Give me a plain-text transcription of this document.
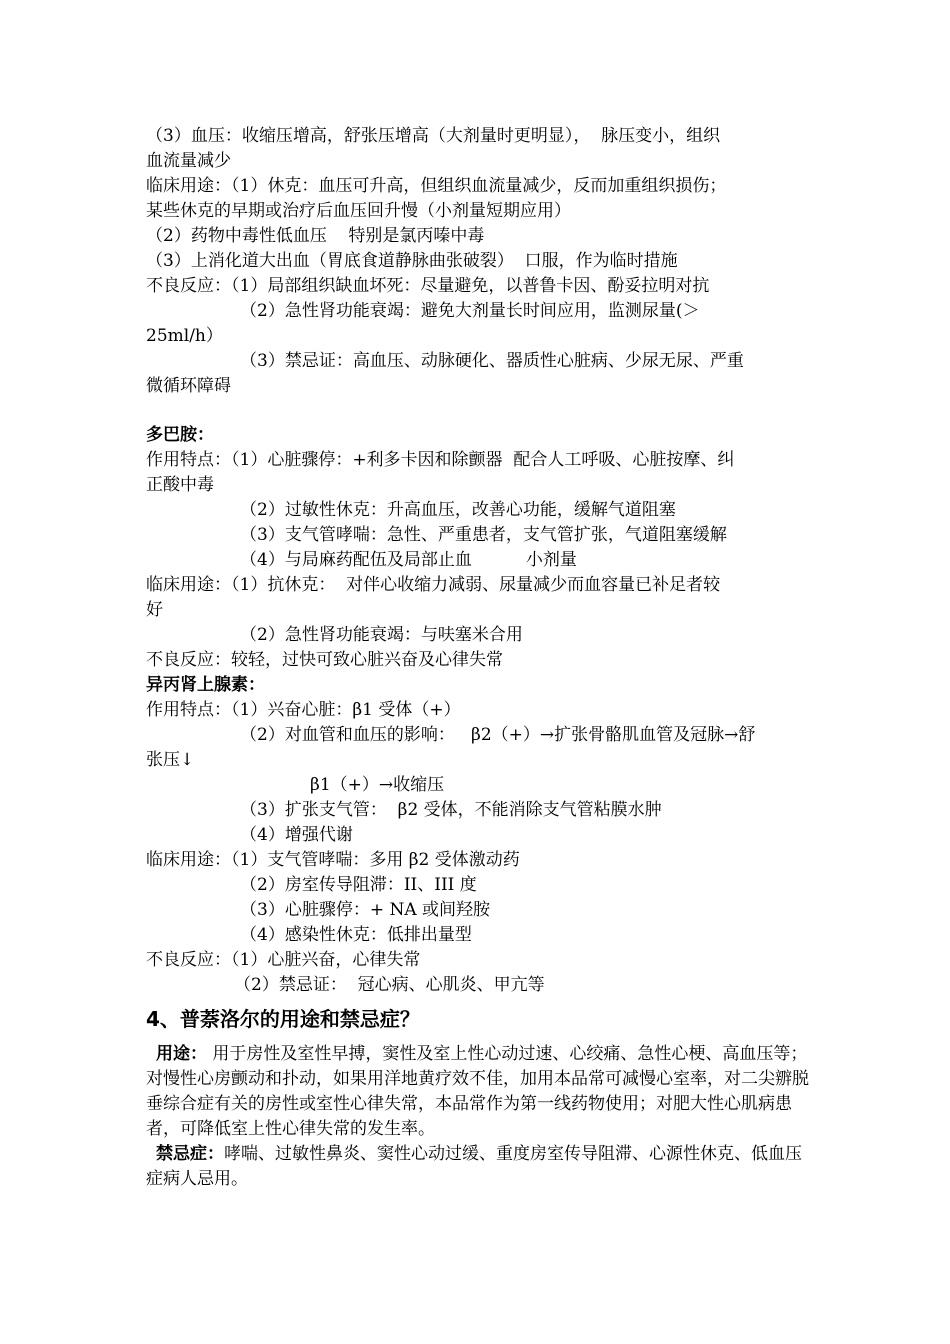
（3）血压：收缩压增高，舒张压增高（大剂量时更明显），  脉压变小，组织

血流量减少

临床用途：（1）休克：血压可升高，但组织血流量减少，反而加重组织损伤；

某些休克的早期或治疗后血压回升慢（小剂量短期应用）

（2）药物中毒性低血压    特别是氯丙嗪中毒

（3）上消化道大出血（胃底食道静脉曲张破裂）  口服，作为临时措施

不良反应：（1）局部组织缺血坏死：尽量避免，以普鲁卡因、酚妥拉明对抗

（2）急性肾功能衰竭：避免大剂量长时间应用，监测尿量(＞

25ml/h）

（3）禁忌证：高血压、动脉硬化、器质性心脏病、少尿无尿、严重

微循环障碍

多巴胺：

作用特点：（1）心脏骤停：+利多卡因和除颤器  配合人工呼吸、心脏按摩、纠

正酸中毒

（2）过敏性休克：升高血压，改善心功能，缓解气道阻塞

（3）支气管哮喘：急性、严重患者，支气管扩张，气道阻塞缓解

（4）与局麻药配伍及局部止血          小剂量

临床用途：（1）抗休克：  对伴心收缩力减弱、尿量减少而血容量已补足者较

好

（2）急性肾功能衰竭：与呋塞米合用

不良反应：较轻，过快可致心脏兴奋及心律失常

异丙肾上腺素：

作用特点：（1）兴奋心脏：β1 受体（+）

（2）对血管和血压的影响：   β2（+）→扩张骨骼肌血管及冠脉→舒

张压↓

β1（+）→收缩压

（3）扩张支气管：  β2 受体，不能消除支气管粘膜水肿

（4）增强代谢

临床用途：（1）支气管哮喘：多用 β2 受体激动药

（2）房室传导阻滞：II、III 度

（3）心脏骤停：+ NA 或间羟胺

（4）感染性休克：低排出量型

不良反应：（1）心脏兴奋，心律失常

（2）禁忌证：  冠心病、心肌炎、甲亢等

4、普萘洛尔的用途和禁忌症？

用途： 用于房性及室性早搏，窦性及室上性心动过速、心绞痛、急性心梗、高血压等；对慢性心房颤动和扑动，如果用洋地黄疗效不佳，加用本品常可减慢心室率，对二尖辧脱垂综合症有关的房性或室性心律失常，本品常作为第一线药物使用；对肥大性心肌病患者，可降低室上性心律失常的发生率。

禁忌症：哮喘、过敏性鼻炎、窦性心动过缓、重度房室传导阻滞、心源性休克、低血压症病人忌用。
